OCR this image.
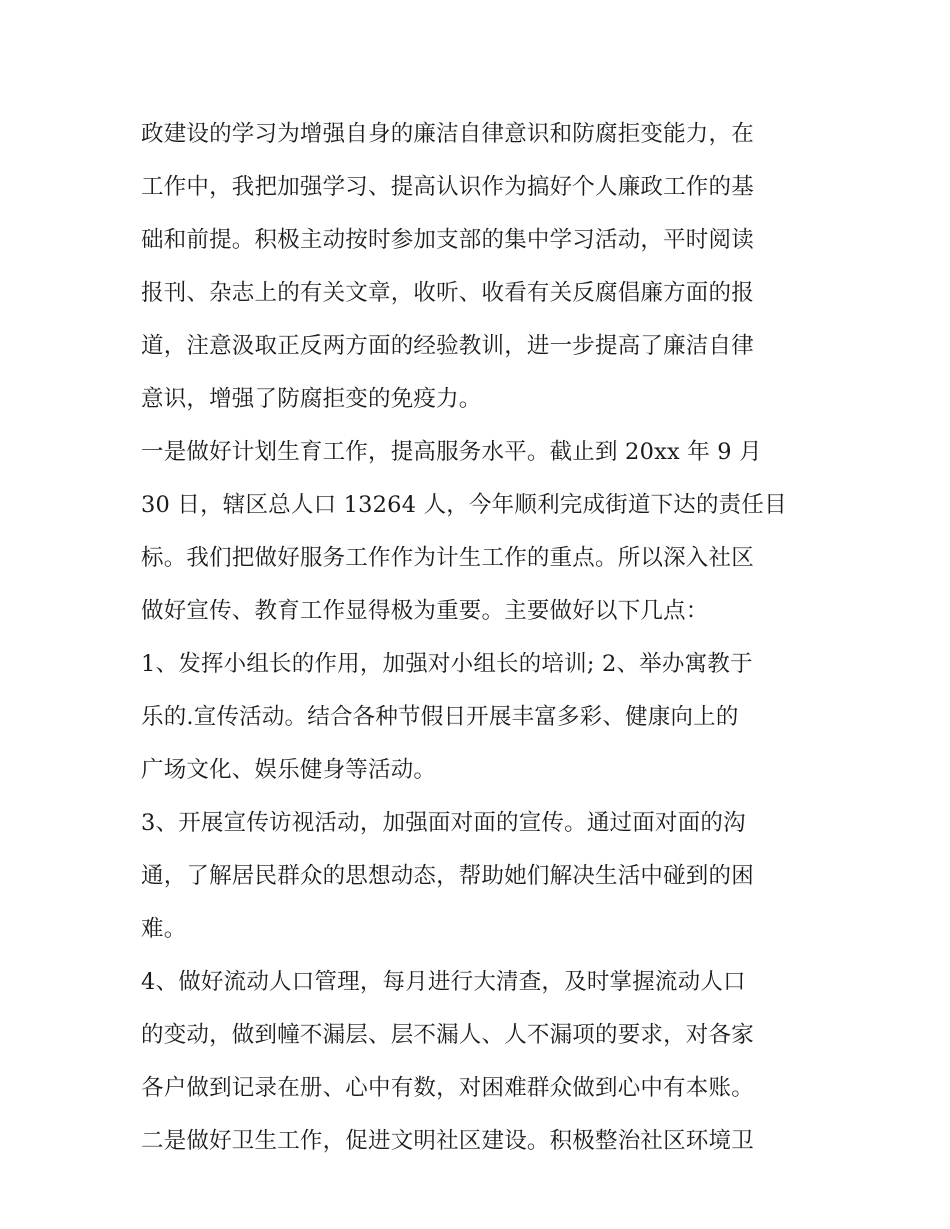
政建设的学习为增强自身的廉洁自律意识和防腐拒变能力，在
工作中，我把加强学习、提高认识作为搞好个人廉政工作的基
础和前提。积极主动按时参加支部的集中学习活动，平时阅读
报刊、杂志上的有关文章，收听、收看有关反腐倡廉方面的报
道，注意汲取正反两方面的经验教训，进一步提高了廉洁自律
意识，增强了防腐拒变的免疫力。
一是做好计划生育工作，提高服务水平。截止到 20xx 年 9 月
30 日，辖区总人口 13264 人，今年顺利完成街道下达的责任目
标。我们把做好服务工作作为计生工作的重点。所以深入社区
做好宣传、教育工作显得极为重要。主要做好以下几点：
1、发挥小组长的作用，加强对小组长的培训; 2、举办寓教于
乐的.宣传活动。结合各种节假日开展丰富多彩、健康向上的
广场文化、娱乐健身等活动。
3、开展宣传访视活动，加强面对面的宣传。通过面对面的沟
通，了解居民群众的思想动态，帮助她们解决生活中碰到的困
难。
4、做好流动人口管理，每月进行大清查，及时掌握流动人口
的变动，做到幢不漏层、层不漏人、人不漏项的要求，对各家
各户做到记录在册、心中有数，对困难群众做到心中有本账。
二是做好卫生工作，促进文明社区建设。积极整治社区环境卫
